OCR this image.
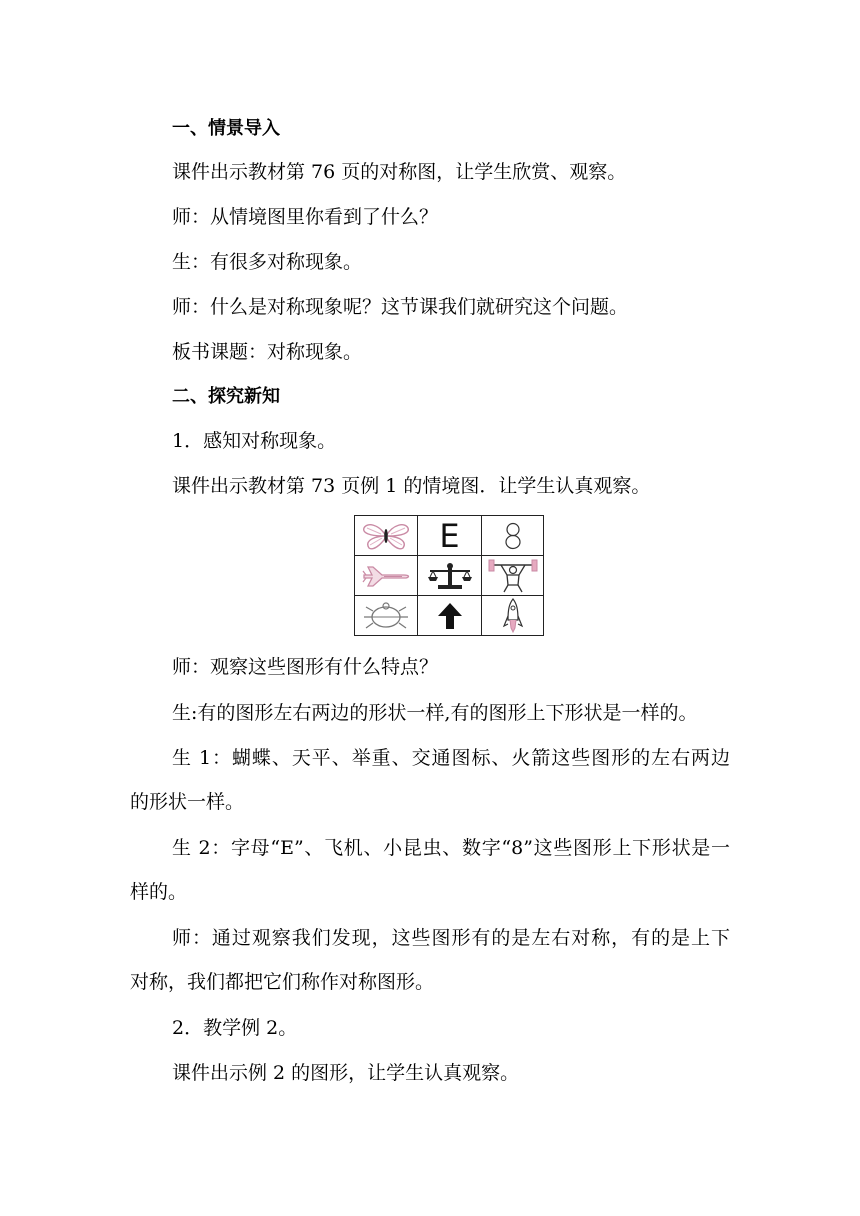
一、情景导入
课件出示教材第 76 页的对称图，让学生欣赏、观察。
师：从情境图里你看到了什么？
生：有很多对称现象。
师：什么是对称现象呢？这节课我们就研究这个问题。
板书课题：对称现象。
二、探究新知
1．感知对称现象。
课件出示教材第 73 页例 1 的情境图．让学生认真观察。
E
师：观察这些图形有什么特点？
生:有的图形左右两边的形状一样,有的图形上下形状是一样的。
生 1：蝴蝶、天平、举重、交通图标、火箭这些图形的左右两边
的形状一样。
生 2：字母“E”、飞机、小昆虫、数字“8”这些图形上下形状是一
样的。
师：通过观察我们发现，这些图形有的是左右对称，有的是上下
对称，我们都把它们称作对称图形。
2．教学例 2。
课件出示例 2 的图形，让学生认真观察。
